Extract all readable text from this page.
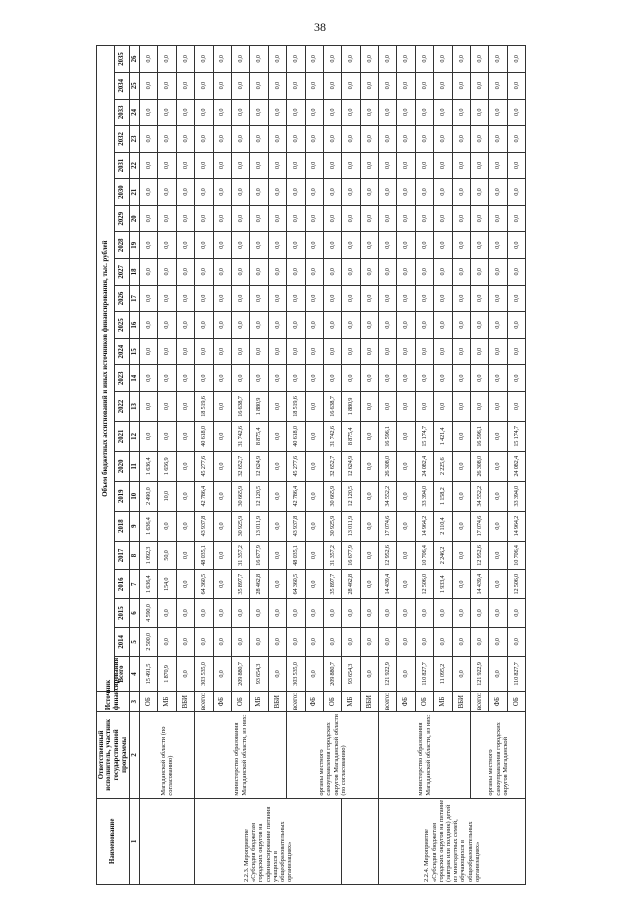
38
Наименование	Ответственный исполнитель, участник государственной программы	Источник финансирования	Объем бюджетных ассигнований и иных источников финансирования, тыс. рублей																						
			Всего	2014	2015	2016	2017	2018	2019	2020	2021	2022	2023	2024	2025	2026	2027	2028	2029	2030	2031	2032	2033	2034	2035
1	2	3	4	5	6	7	8	9	10	11	12	13	14	15	16	17	18	19	20	21	22	23	24	25	26
	Магаданской области (по согласованию)	ОБ	15 491,5	2 500,0	4 590,0	1 636,4	1 092,3	1 636,4	2 490,0	1 636,4	0,0	0,0	0,0	0,0	0,0	0,0	0,0	0,0	0,0	0,0	0,0	0,0	0,0	0,0	0,0
		МБ	1 870,9	0,0	0,0	154,0	50,0	0,0	10,0	1 656,9	0,0	0,0	0,0	0,0	0,0	0,0	0,0	0,0	0,0	0,0	0,0	0,0	0,0	0,0	0,0
		ВБИ	0,0	0,0	0,0	0,0	0,0	0,0	0,0	0,0	0,0	0,0	0,0	0,0	0,0	0,0	0,0	0,0	0,0	0,0	0,0	0,0	0,0	0,0	0,0
2.2.3. Мероприятие «Субсидия бюджетам городских округов на софинансирование питания учащихся в общеобразовательных организациях»	министерство образования Магаданской области, из них:	всего:	303 535,0	0,0	0,0	64 360,5	48 035,1	43 937,8	42 786,4	45 277,6	40 618,0	18 519,6	0,0	0,0	0,0	0,0	0,0	0,0	0,0	0,0	0,0	0,0	0,0	0,0	0,0
		ФБ	0,0	0,0	0,0	0,0	0,0	0,0	0,0	0,0	0,0	0,0	0,0	0,0	0,0	0,0	0,0	0,0	0,0	0,0	0,0	0,0	0,0	0,0	0,0
		ОБ	209 880,7	0,0	0,0	35 897,7	31 357,2	30 925,9	30 665,9	32 652,7	31 742,6	16 638,7	0,0	0,0	0,0	0,0	0,0	0,0	0,0	0,0	0,0	0,0	0,0	0,0	0,0
		МБ	93 654,3	0,0	0,0	28 462,8	16 677,9	13 011,9	12 120,5	12 624,9	8 875,4	1 880,9	0,0	0,0	0,0	0,0	0,0	0,0	0,0	0,0	0,0	0,0	0,0	0,0	0,0
		ВБИ	0,0	0,0	0,0	0,0	0,0	0,0	0,0	0,0	0,0	0,0	0,0	0,0	0,0	0,0	0,0	0,0	0,0	0,0	0,0	0,0	0,0	0,0	0,0
	органы местного самоуправления городских округов Магаданской области (по согласованию)	всего:	303 535,0	0,0	0,0	64 360,5	48 035,1	43 937,8	42 786,4	45 277,6	40 618,0	18 519,6	0,0	0,0	0,0	0,0	0,0	0,0	0,0	0,0	0,0	0,0	0,0	0,0	0,0
		ФБ	0,0	0,0	0,0	0,0	0,0	0,0	0,0	0,0	0,0	0,0	0,0	0,0	0,0	0,0	0,0	0,0	0,0	0,0	0,0	0,0	0,0	0,0	0,0
		ОБ	209 880,7	0,0	0,0	35 897,7	31 357,2	30 925,9	30 665,9	32 652,7	31 742,6	16 638,7	0,0	0,0	0,0	0,0	0,0	0,0	0,0	0,0	0,0	0,0	0,0	0,0	0,0
		МБ	93 654,3	0,0	0,0	28 462,8	16 677,9	13 011,9	12 120,5	12 624,9	8 875,4	1 880,9	0,0	0,0	0,0	0,0	0,0	0,0	0,0	0,0	0,0	0,0	0,0	0,0	0,0
		ВБИ	0,0	0,0	0,0	0,0	0,0	0,0	0,0	0,0	0,0	0,0	0,0	0,0	0,0	0,0	0,0	0,0	0,0	0,0	0,0	0,0	0,0	0,0	0,0
2.2.4. Мероприятие «Субсидия бюджетам городских округов на питание (завтрак или полдник) детей из многодетных семей, обучающихся в общеобразовательных организациях»	министерство образования Магаданской области, из них:	всего:	121 922,9	0,0	0,0	14 439,4	12 952,6	17 074,6	34 552,2	26 308,0	16 596,1	0,0	0,0	0,0	0,0	0,0	0,0	0,0	0,0	0,0	0,0	0,0	0,0	0,0	0,0
		ФБ	0,0	0,0	0,0	0,0	0,0	0,0	0,0	0,0	0,0	0,0	0,0	0,0	0,0	0,0	0,0	0,0	0,0	0,0	0,0	0,0	0,0	0,0	0,0
		ОБ	110 827,7	0,0	0,0	12 506,0	10 706,4	14 964,2	33 394,0	24 082,4	15 174,7	0,0	0,0	0,0	0,0	0,0	0,0	0,0	0,0	0,0	0,0	0,0	0,0	0,0	0,0
		МБ	11 095,2	0,0	0,0	1 933,4	2 246,2	2 110,4	1 158,2	2 225,6	1 421,4	0,0	0,0	0,0	0,0	0,0	0,0	0,0	0,0	0,0	0,0	0,0	0,0	0,0	0,0
		ВБИ	0,0	0,0	0,0	0,0	0,0	0,0	0,0	0,0	0,0	0,0	0,0	0,0	0,0	0,0	0,0	0,0	0,0	0,0	0,0	0,0	0,0	0,0	0,0
	органы местного самоуправления городских округов Магаданской	всего:	121 922,9	0,0	0,0	14 439,4	12 952,6	17 074,6	34 552,2	26 308,0	16 596,1	0,0	0,0	0,0	0,0	0,0	0,0	0,0	0,0	0,0	0,0	0,0	0,0	0,0	0,0
		ФБ	0,0	0,0	0,0	0,0	0,0	0,0	0,0	0,0	0,0	0,0	0,0	0,0	0,0	0,0	0,0	0,0	0,0	0,0	0,0	0,0	0,0	0,0	0,0
		ОБ	110 827,7	0,0	0,0	12 506,0	10 706,4	14 964,2	33 394,0	24 082,4	15 174,7	0,0	0,0	0,0	0,0	0,0	0,0	0,0	0,0	0,0	0,0	0,0	0,0	0,0	0,0
